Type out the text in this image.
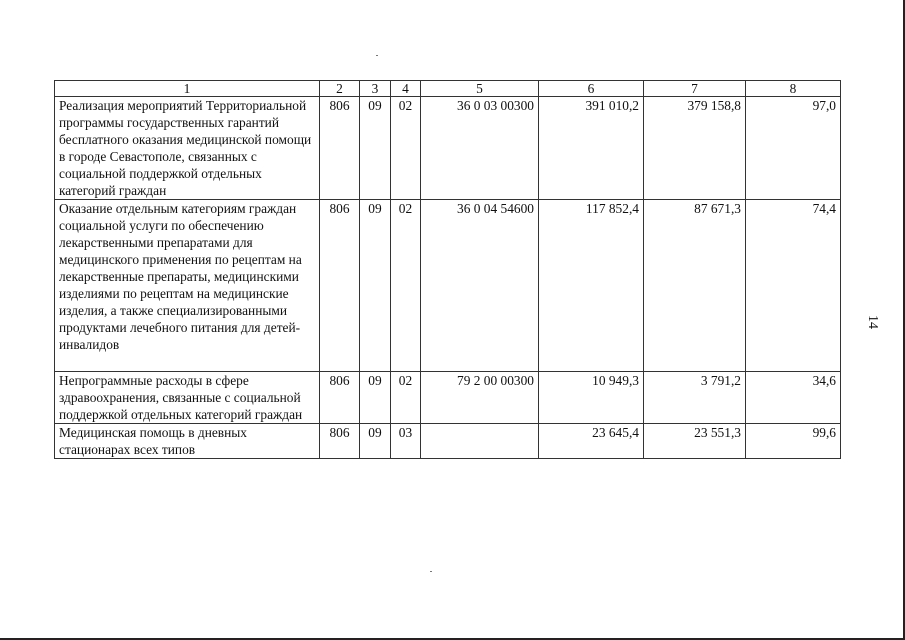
1	2	3	4	5	6	7	8
Реализация мероприятий Территориальной программы государственных гарантий бесплатного оказания медицинской помощи в городе Севастополе, связанных с социальной поддержкой отдельных категорий граждан	806	09	02	36 0 03 00300	391 010,2	379 158,8	97,0
Оказание отдельным категориям граждан социальной услуги по обеспечению лекарственными препаратами для медицинского применения по рецептам на лекарственные препараты, медицинскими изделиями по рецептам на медицинские изделия, а также специализированными продуктами лечебного питания для детей-инвалидов	806	09	02	36 0 04 54600	117 852,4	87 671,3	74,4
Непрограммные расходы в сфере здравоохранения, связанные с социальной поддержкой отдельных категорий граждан	806	09	02	79 2 00 00300	10 949,3	3 791,2	34,6
Медицинская помощь в дневных стационарах всех типов	806	09	03		23 645,4	23 551,3	99,6
14
